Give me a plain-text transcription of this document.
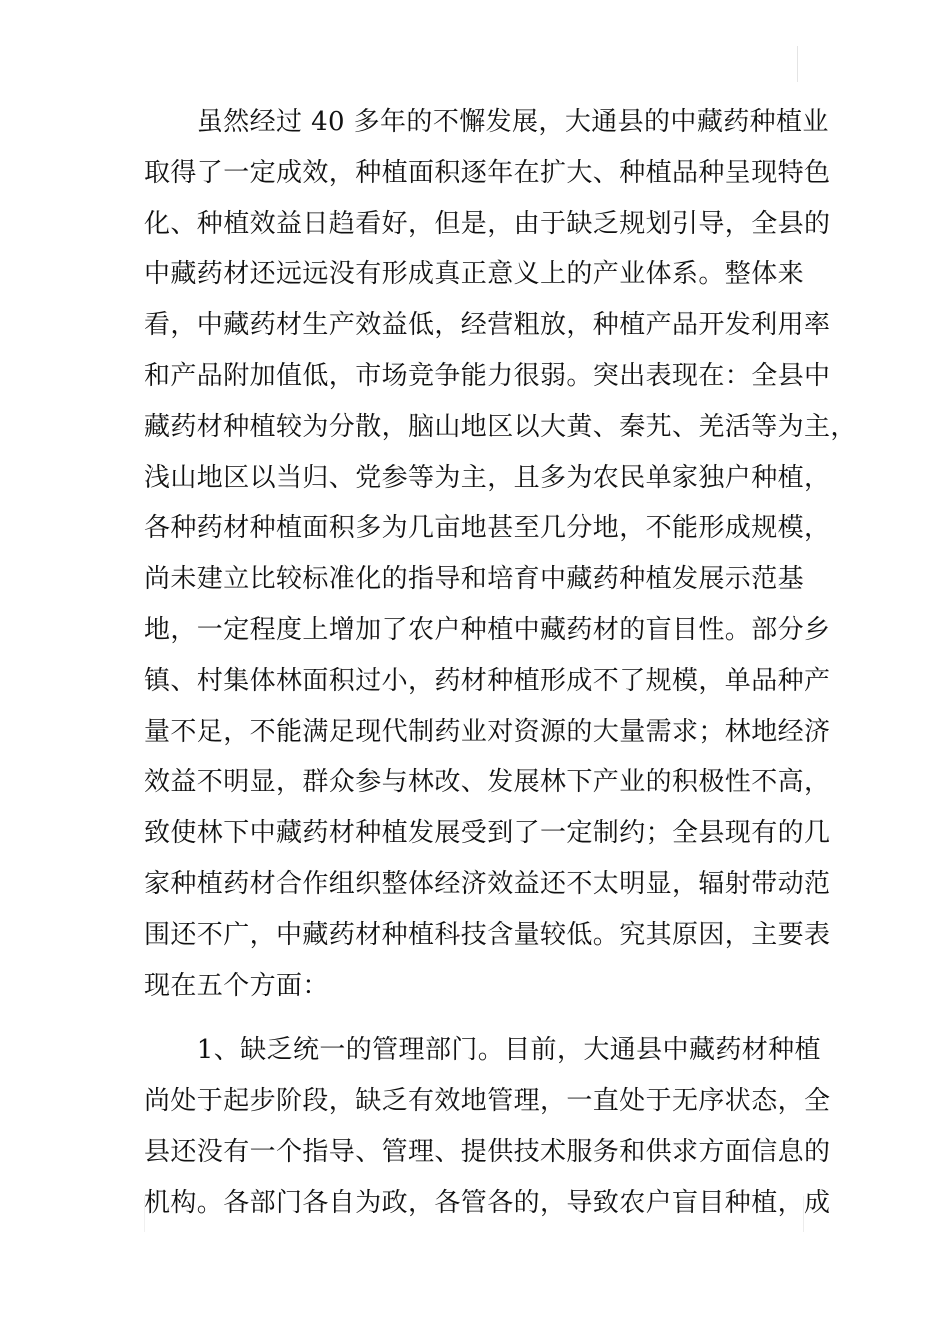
　　虽然经过 40 多年的不懈发展，大通县的中藏药种植业
取得了一定成效，种植面积逐年在扩大、种植品种呈现特色
化、种植效益日趋看好，但是，由于缺乏规划引导，全县的
中藏药材还远远没有形成真正意义上的产业体系。整体来
看，中藏药材生产效益低，经营粗放，种植产品开发利用率
和产品附加值低，市场竞争能力很弱。突出表现在：全县中
藏药材种植较为分散，脑山地区以大黄、秦艽、羌活等为主，
浅山地区以当归、党参等为主，且多为农民单家独户种植，
各种药材种植面积多为几亩地甚至几分地，不能形成规模，
尚未建立比较标准化的指导和培育中藏药种植发展示范基
地，一定程度上增加了农户种植中藏药材的盲目性。部分乡
镇、村集体林面积过小，药材种植形成不了规模，单品种产
量不足，不能满足现代制药业对资源的大量需求；林地经济
效益不明显，群众参与林改、发展林下产业的积极性不高，
致使林下中藏药材种植发展受到了一定制约；全县现有的几
家种植药材合作组织整体经济效益还不太明显，辐射带动范
围还不广，中藏药材种植科技含量较低。究其原因，主要表
现在五个方面：
　　1、缺乏统一的管理部门。目前，大通县中藏药材种植
尚处于起步阶段，缺乏有效地管理，一直处于无序状态，全
县还没有一个指导、管理、提供技术服务和供求方面信息的
机构。各部门各自为政，各管各的，导致农户盲目种植，成
